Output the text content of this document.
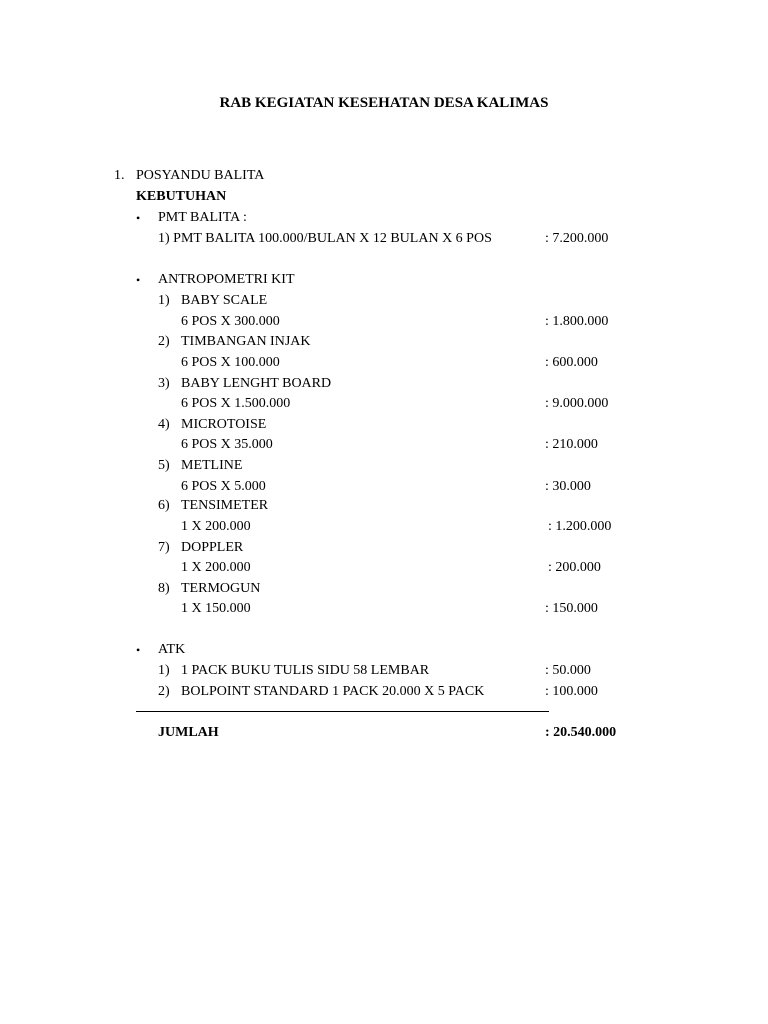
RAB KEGIATAN KESEHATAN DESA KALIMAS
1. POSYANDU BALITA
KEBUTUHAN
• PMT BALITA :
1) PMT BALITA 100.000/BULAN X 12 BULAN X 6 POS	: 7.200.000
• ANTROPOMETRI KIT
1) BABY SCALE
6 POS X 300.000	: 1.800.000
2) TIMBANGAN INJAK
6 POS X 100.000	: 600.000
3) BABY LENGHT BOARD
6 POS X 1.500.000	: 9.000.000
4) MICROTOISE
6 POS X 35.000	: 210.000
5) METLINE
6 POS X 5.000	: 30.000
6) TENSIMETER
1 X 200.000	: 1.200.000
7) DOPPLER
1 X 200.000	: 200.000
8) TERMOGUN
1 X 150.000	: 150.000
• ATK
1) 1 PACK BUKU TULIS SIDU 58 LEMBAR	: 50.000
2) BOLPOINT STANDARD 1 PACK 20.000 X 5 PACK	: 100.000
JUMLAH	: 20.540.000
